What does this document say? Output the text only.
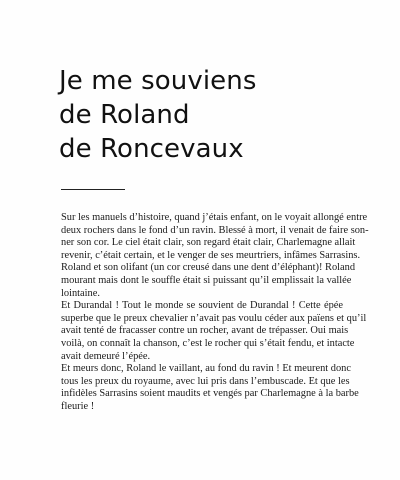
Je me souviens
de Roland
de Roncevaux
Sur les manuels d’histoire, quand j’étais enfant, on le voyait allongé entre
deux rochers dans le fond d’un ravin. Blessé à mort, il venait de faire son-
ner son cor. Le ciel était clair, son regard était clair, Charlemagne allait
revenir, c’était certain, et le venger de ses meurtriers, infâmes Sarrasins.
Roland et son olifant (un cor creusé dans une dent d’éléphant)! Roland
mourant mais dont le souffle était si puissant qu’il emplissait la vallée
lointaine.
Et Durandal ! Tout le monde se souvient de Durandal ! Cette épée
superbe que le preux chevalier n’avait pas voulu céder aux païens et qu’il
avait tenté de fracasser contre un rocher, avant de trépasser. Oui mais
voilà, on connaît la chanson, c’est le rocher qui s’était fendu, et intacte
avait demeuré l’épée.
Et meurs donc, Roland le vaillant, au fond du ravin ! Et meurent donc
tous les preux du royaume, avec lui pris dans l’embuscade. Et que les
infidèles Sarrasins soient maudits et vengés par Charlemagne à la barbe
fleurie !
